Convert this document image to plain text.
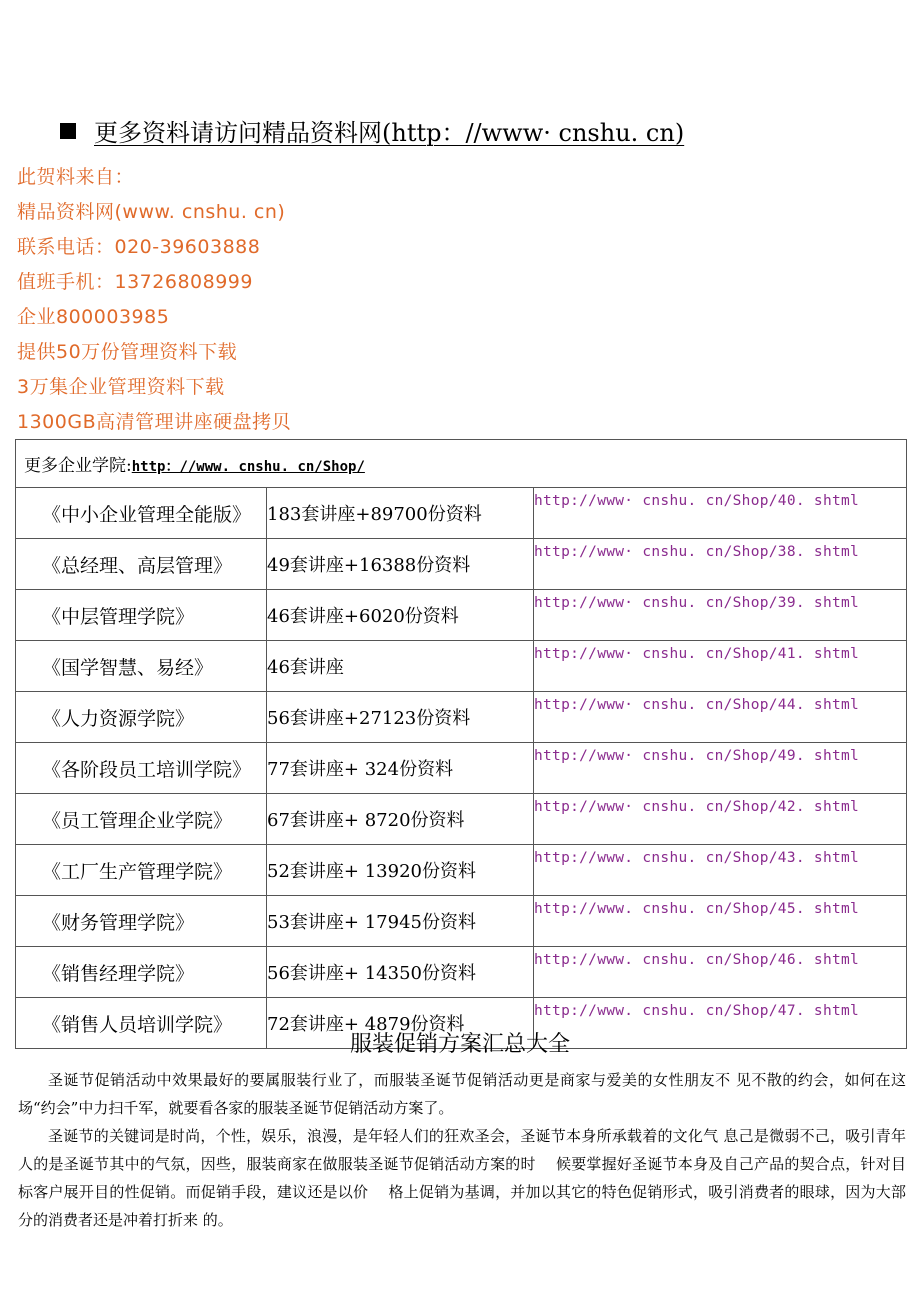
更多资料请访问精品资料网(http：//www· cnshu. cn)
此贺料来自：
精品资料网(www. cnshu. cn)
联系电话：020-39603888
值班手机：13726808999
企业800003985
提供50万份管理资料下载
3万集企业管理资料下载
1300GB高清管理讲座硬盘拷贝
更多企业学院:http：//www. cnshu. cn/Shop/		
《中小企业管理全能版》	183套讲座+89700份资料	http://www· cnshu. cn/Shop/40. shtml
《总经理、高层管理》	49套讲座+16388份资料	http://www· cnshu. cn/Shop/38. shtml
《中层管理学院》	46套讲座+6020份资料	http://www· cnshu. cn/Shop/39. shtml
《国学智慧、易经》	46套讲座	http://www· cnshu. cn/Shop/41. shtml
《人力资源学院》	56套讲座+27123份资料	http://www· cnshu. cn/Shop/44. shtml
《各阶段员工培训学院》	77套讲座+ 324份资料	http://www· cnshu. cn/Shop/49. shtml
《员工管理企业学院》	67套讲座+ 8720份资料	http://www· cnshu. cn/Shop/42. shtml
《工厂生产管理学院》	52套讲座+ 13920份资料	http://www. cnshu. cn/Shop/43. shtml
《财务管理学院》	53套讲座+ 17945份资料	http://www. cnshu. cn/Shop/45. shtml
《销售经理学院》	56套讲座+ 14350份资料	http://www. cnshu. cn/Shop/46. shtml
《销售人员培训学院》	72套讲座+ 4879份资料	http://www. cnshu. cn/Shop/47. shtml
服装促销方案汇总大全

圣诞节促销活动中效果最好的要属服装行业了，而服装圣诞节促销活动更是商家与爱美的女性朋友不 见不散的约会，如何在这场“约会”中力扫千军，就要看各家的服装圣诞节促销活动方案了。

圣诞节的关键词是时尚，个性，娱乐，浪漫，是年轻人们的狂欢圣会，圣诞节本身所承载着的文化气 息己是微弱不己，吸引青年人的是圣诞节其中的气氛，因些，服装商家在做服装圣诞节促销活动方案的时　 候要掌握好圣诞节本身及自己产品的契合点，针对目标客户展开目的性促销。而促销手段，建议还是以价　 格上促销为基调，并加以其它的特色促销形式，吸引消费者的眼球，因为大部分的消费者还是冲着打折来 的。
